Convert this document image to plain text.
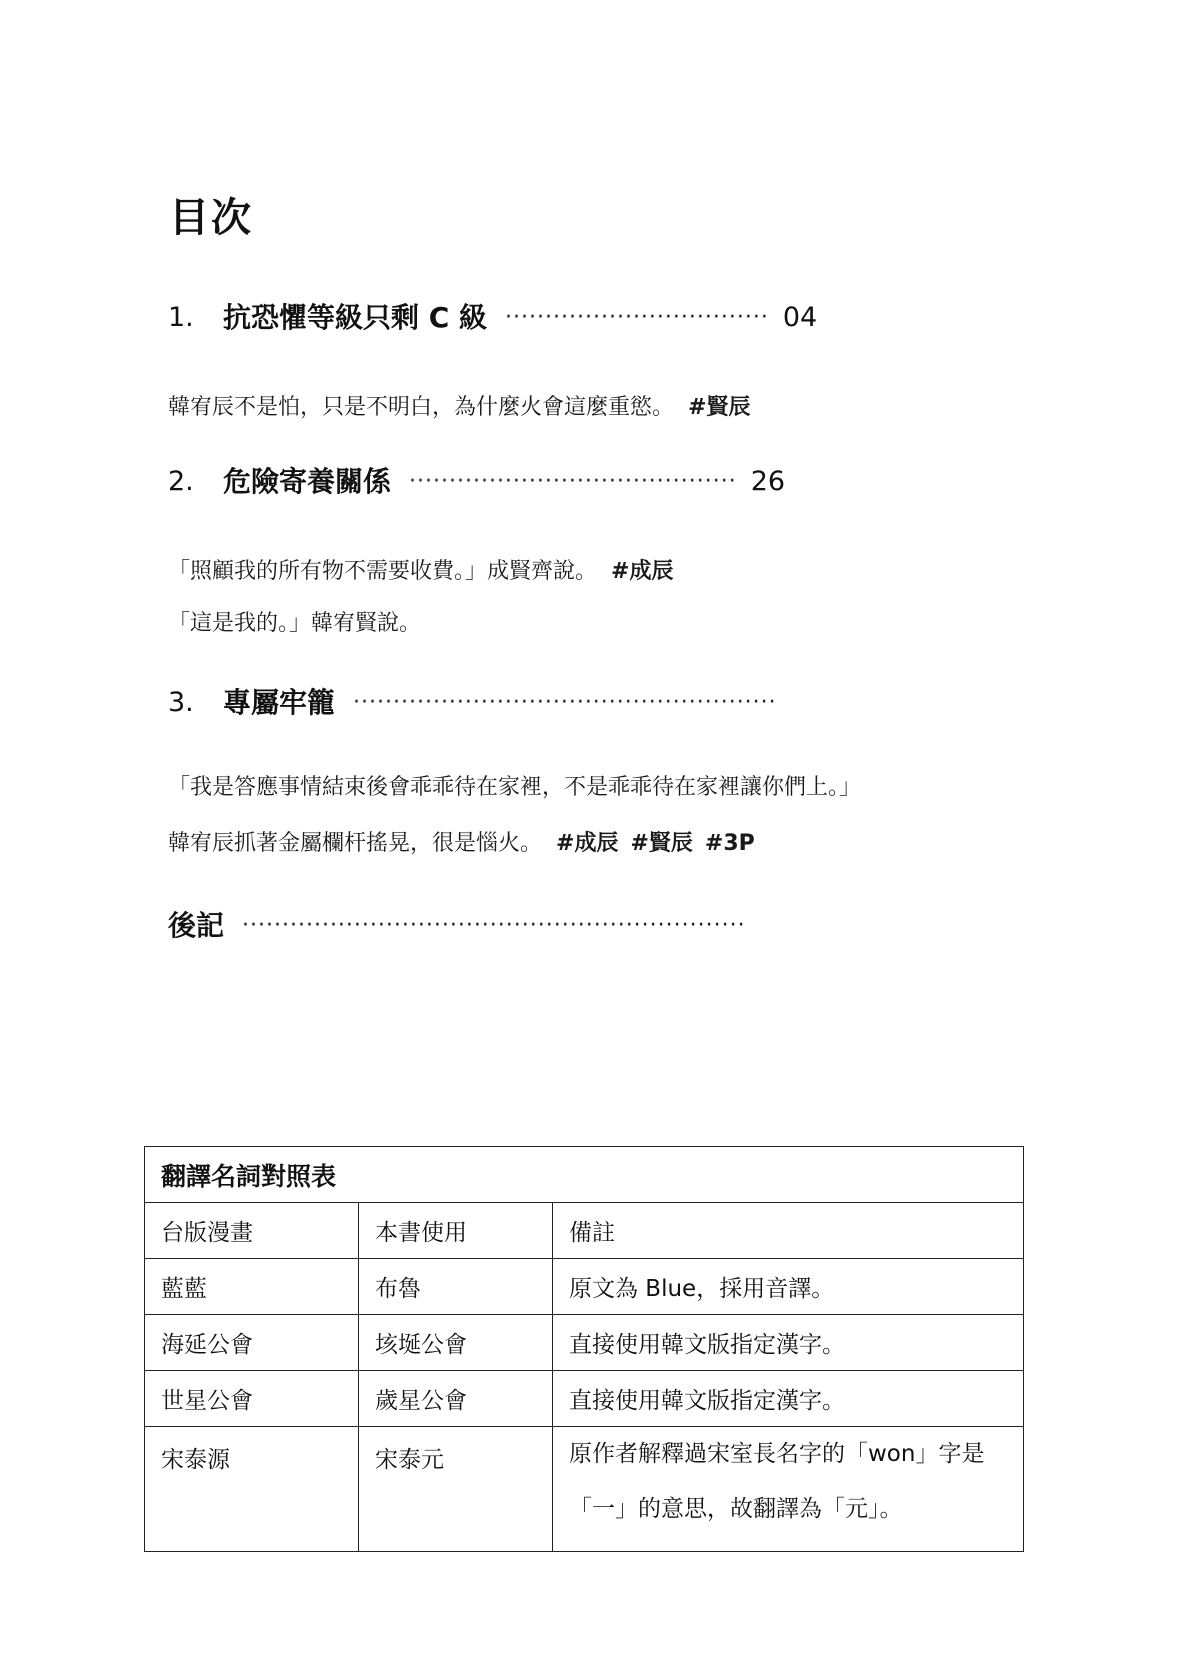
目次
1.	抗恐懼等級只剩 C 級 ································· 04
韓宥辰不是怕，只是不明白，為什麼火會這麼重慾。 #賢辰
2.	危險寄養關係 ········································· 26
「照顧我的所有物不需要收費。」成賢齊說。 #成辰
「這是我的。」韓宥賢說。
3.	專屬牢籠 ·····················································
「我是答應事情結束後會乖乖待在家裡，不是乖乖待在家裡讓你們上。」
韓宥辰抓著金屬欄杆搖晃，很是惱火。 #成辰 #賢辰 #3P
後記 ·······························································
翻譯名詞對照表		
台版漫畫	本書使用	備註
藍藍	布魯	原文為 Blue，採用音譯。
海延公會	垓埏公會	直接使用韓文版指定漢字。
世星公會	歲星公會	直接使用韓文版指定漢字。
宋泰源	宋泰元	原作者解釋過宋室長名字的「won」字是「一」的意思，故翻譯為「元」。
